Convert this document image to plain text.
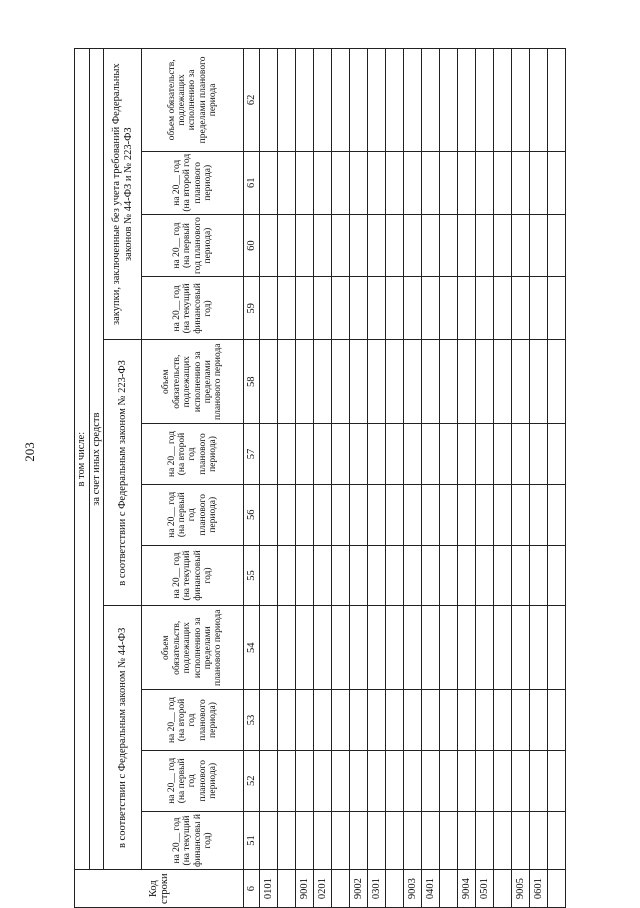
203
Код строки	в том числе:											
	за счет иных средств											
	в соответствии с Федеральным законом № 44-ФЗ				в соответствии с Федеральным законом № 223-ФЗ				закупки, заключенные без учета требований Федеральных законов № 44-ФЗ и № 223-ФЗ			
	на 20__ год (на текущий финансовы й год)	на 20__ год (на первый год планового периода)	на 20__ год (на второй год планового периода)	объем обязательств, подлежащих исполнению за пределами планового периода	на 20__ год (на текущий финансовый год)	на 20__ год (на первый год планового периода)	на 20__ год (на второй год планового периода)	объем обязательств, подлежащих исполнению за пределами планового периода	на 20__ год (на текущий финансовый год)	на 20__ год (на первый год планового периода)	на 20__ год (на второй год планового периода)	объем обязательств, подлежащих исполнению за пределами планового периода
6	51	52	53	54	55	56	57	58	59	60	61	62
0101												

9001												
0201												

9002												
0301												

9003												
0401												

9004												
0501												

9005												
0601												
